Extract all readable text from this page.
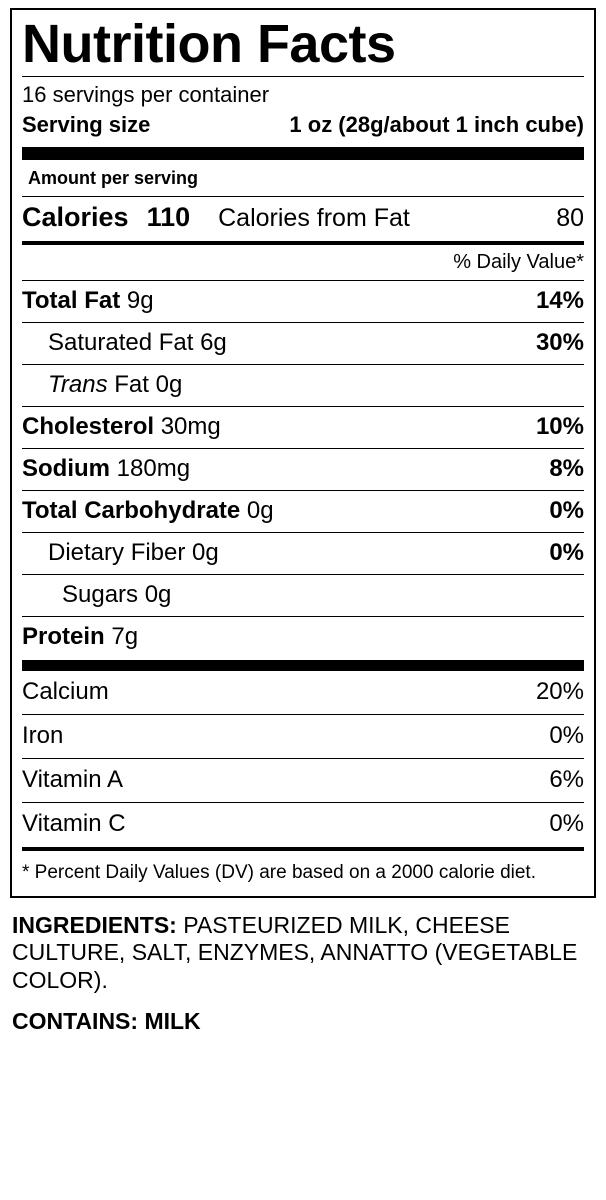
Nutrition Facts
16 servings per container
Serving size	1 oz (28g/about 1 inch cube)
Amount per serving
Calories 110 Calories from Fat	80
% Daily Value*
Total Fat 9g	14%
Saturated Fat 6g	30%
Trans Fat 0g
Cholesterol 30mg	10%
Sodium 180mg	8%
Total Carbohydrate 0g	0%
Dietary Fiber 0g	0%
Sugars 0g
Protein 7g
Calcium	20%
Iron	0%
Vitamin A	6%
Vitamin C	0%
* Percent Daily Values (DV) are based on a 2000 calorie diet.
INGREDIENTS: PASTEURIZED MILK, CHEESE CULTURE, SALT, ENZYMES, ANNATTO (VEGETABLE COLOR).
CONTAINS: MILK
